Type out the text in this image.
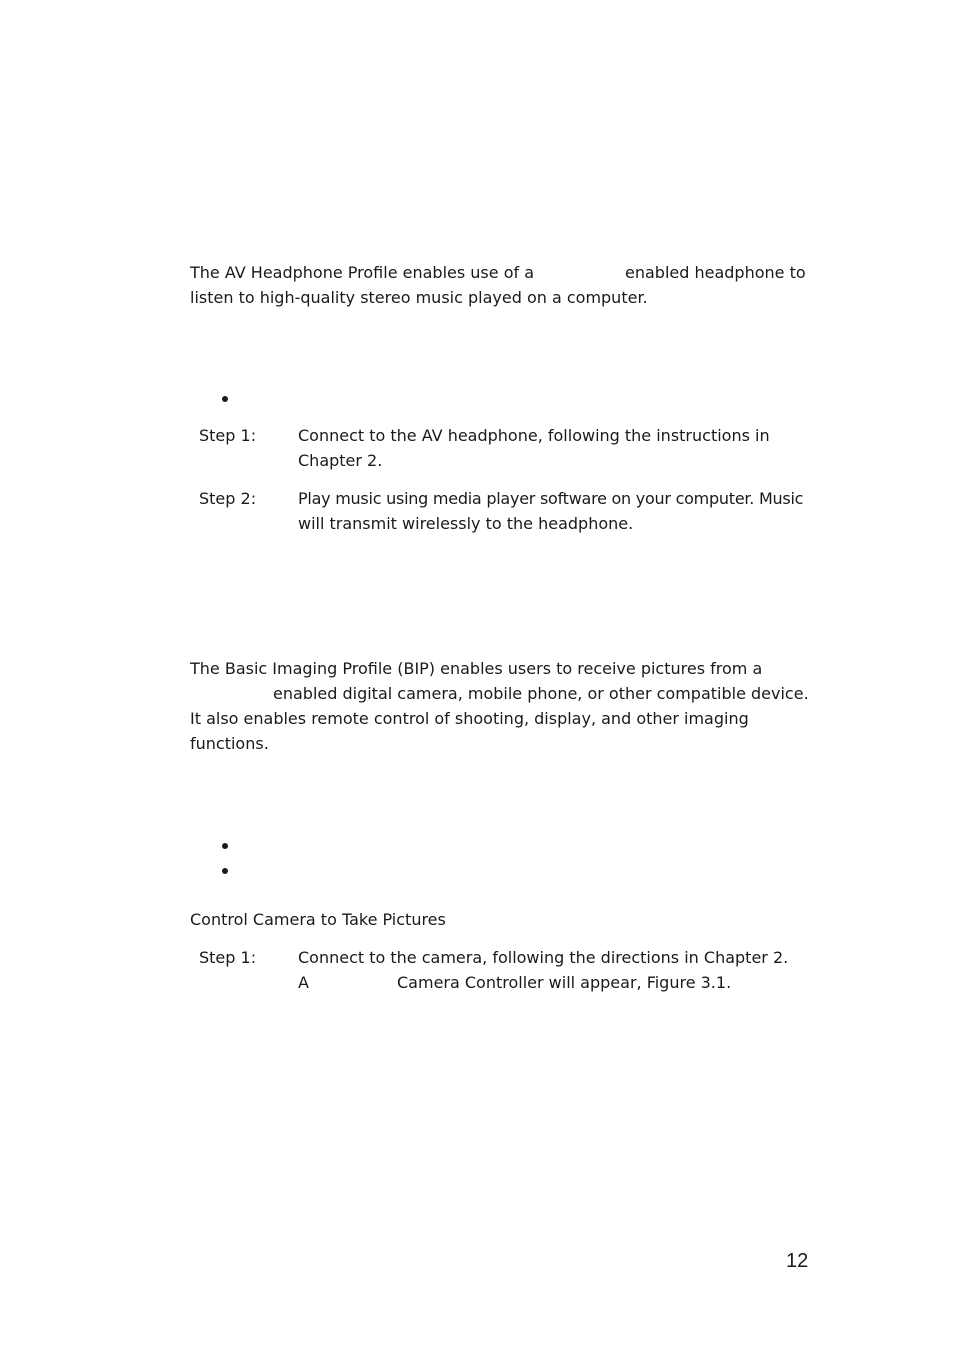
The AV Headphone Profile enables use of a	enabled headphone to
listen to high-quality stereo music played on a computer.
Step 1:	Connect to the AV headphone, following the instructions in
Chapter 2.
Step 2:	Play music using media player software on your computer. Music
will transmit wirelessly to the headphone.
The Basic Imaging Profile (BIP) enables users to receive pictures from a
enabled digital camera, mobile phone, or other compatible device.
It also enables remote control of shooting, display, and other imaging
functions.
Control Camera to Take Pictures
Step 1:	Connect to the camera, following the directions in Chapter 2.
A	Camera Controller will appear, Figure 3.1.
12
